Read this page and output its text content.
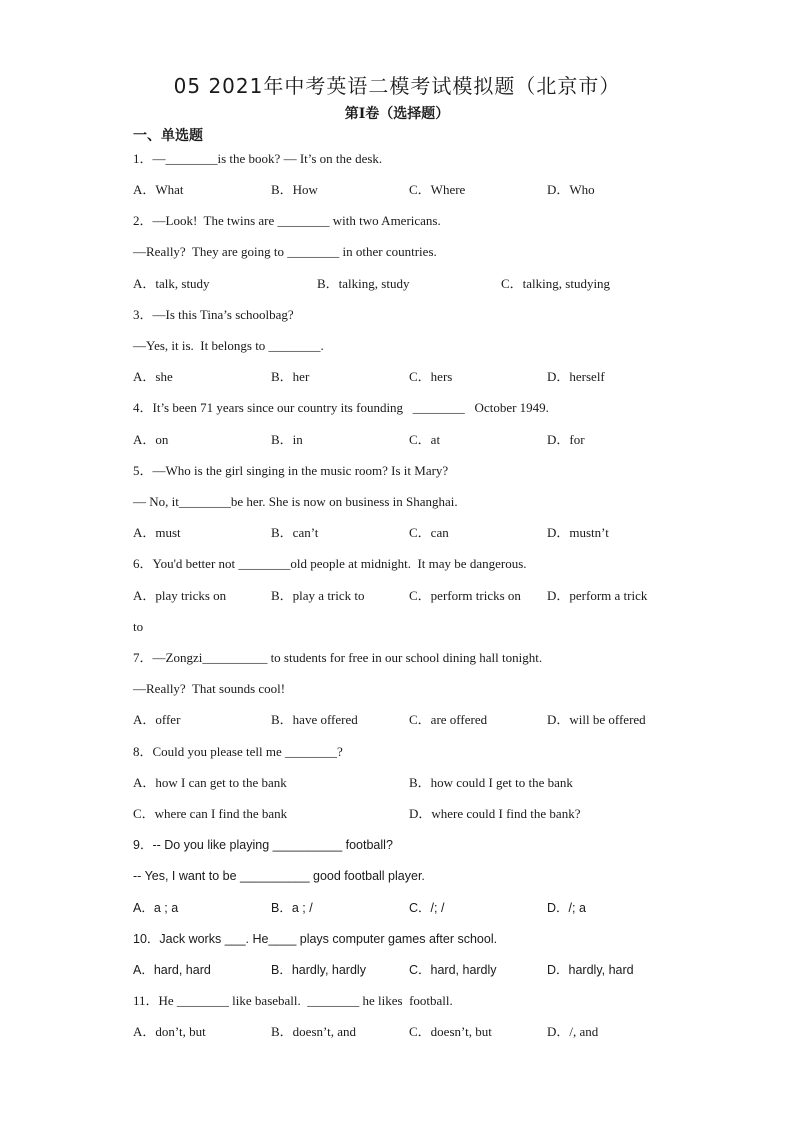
05 2021年中考英语二模考试模拟题（北京市）
第I卷（选择题）
一、单选题
1．—________is the book? — It’s on the desk.
A．What	B．How	C．Where	D．Who
2．—Look!  The twins are ________ with two Americans.
—Really?  They are going to ________ in other countries.
A．talk, study	B．talking, study	C．talking, studying
3．—Is this Tina’s schoolbag?
—Yes, it is.  It belongs to ________.
A．she	B．her	C．hers	D．herself
4．It’s been 71 years since our country its founding   ________   October 1949.
A．on	B．in	C．at	D．for
5．—Who is the girl singing in the music room? Is it Mary?
— No, it________be her. She is now on business in Shanghai.
A．must	B．can’t	C．can	D．mustn’t
6．You'd better not ________old people at midnight.  It may be dangerous.
A．play tricks on	B．play a trick to	C．perform tricks on D．perform a trick
to
7．—Zongzi__________ to students for free in our school dining hall tonight.
—Really?  That sounds cool!
A．offer	B．have offered	C．are offered	D．will be offered
8．Could you please tell me ________?
A．how I can get to the bank	B．how could I get to the bank
C．where can I find the bank	D．where could I find the bank?
9．-- Do you like playing __________ football?
-- Yes, I want to be __________ good football player.
A．a ; a	B．a ; /	C．/; /	D．/; a
10．Jack works ___. He____ plays computer games after school.
A．hard, hard	B．hardly, hardly	C．hard, hardly	D．hardly, hard
11．He ________ like baseball.  ________ he likes  football.
A．don’t, but	B．doesn’t, and	C．doesn’t, but	D．/, and
